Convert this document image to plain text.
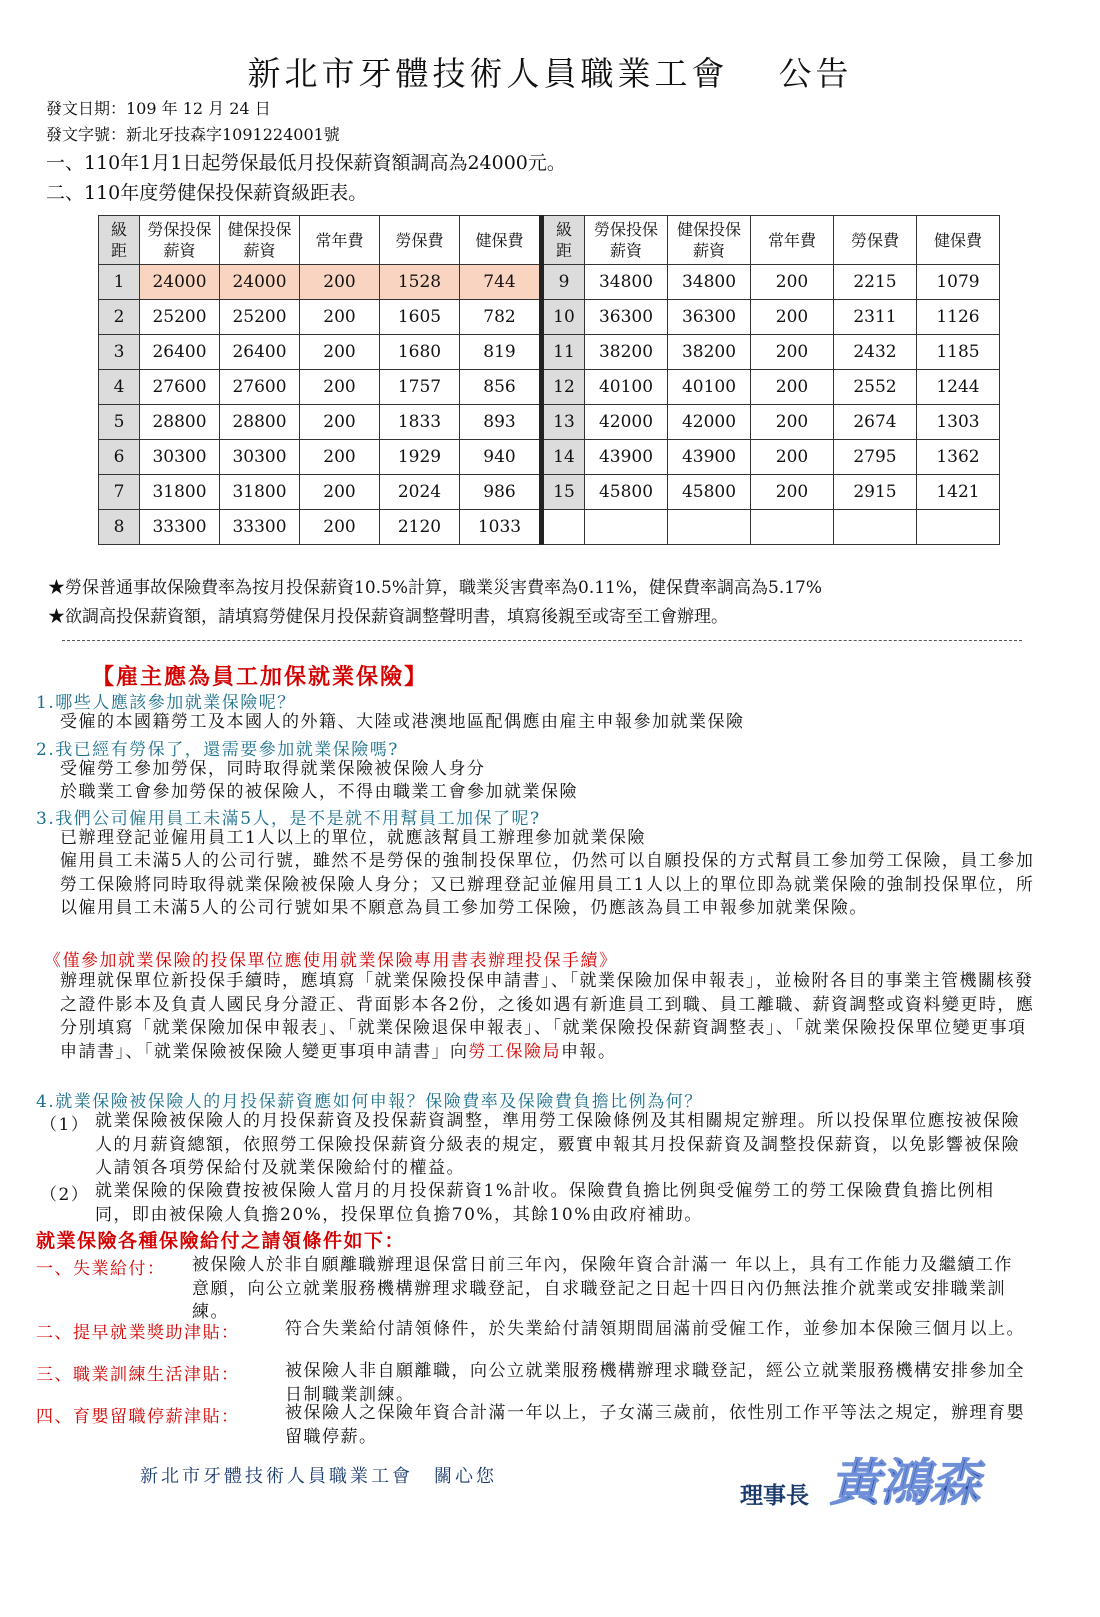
新北市牙體技術人員職業工會 公告
發文日期：109 年 12 月 24 日
發文字號：新北牙技森字1091224001號
一、110年1月1日起勞保最低月投保薪資額調高為24000元。
二、110年度勞健保投保薪資級距表。
級距	勞保投保薪資	健保投保薪資	常年費	勞保費	健保費	級距	勞保投保薪資	健保投保薪資	常年費	勞保費	健保費

1	24000	24000	200	1528	744	9	34800	34800	200	2215	1079
2	25200	25200	200	1605	782	10	36300	36300	200	2311	1126
3	26400	26400	200	1680	819	11	38200	38200	200	2432	1185
4	27600	27600	200	1757	856	12	40100	40100	200	2552	1244
5	28800	28800	200	1833	893	13	42000	42000	200	2674	1303
6	30300	30300	200	1929	940	14	43900	43900	200	2795	1362
7	31800	31800	200	2024	986	15	45800	45800	200	2915	1421
8	33300	33300	200	2120	1033						
★勞保普通事故保險費率為按月投保薪資10.5%計算，職業災害費率為0.11%，健保費率調高為5.17%
★欲調高投保薪資額，請填寫勞健保月投保薪資調整聲明書，填寫後親至或寄至工會辦理。
【雇主應為員工加保就業保險】
1.哪些人應該參加就業保險呢？
受僱的本國籍勞工及本國人的外籍、大陸或港澳地區配偶應由雇主申報參加就業保險
2.我已經有勞保了，還需要參加就業保險嗎?
受僱勞工參加勞保，同時取得就業保險被保險人身分
於職業工會參加勞保的被保險人，不得由職業工會參加就業保險
3.我們公司僱用員工未滿5人，是不是就不用幫員工加保了呢?
已辦理登記並僱用員工1人以上的單位，就應該幫員工辦理參加就業保險
僱用員工未滿5人的公司行號，雖然不是勞保的強制投保單位，仍然可以自願投保的方式幫員工參加勞工保險，員工參加勞工保險將同時取得就業保險被保險人身分；又已辦理登記並僱用員工1人以上的單位即為就業保險的強制投保單位，所以僱用員工未滿5人的公司行號如果不願意為員工參加勞工保險，仍應該為員工申報參加就業保險。
《僅參加就業保險的投保單位應使用就業保險專用書表辦理投保手續》
辦理就保單位新投保手續時，應填寫「就業保險投保申請書」、「就業保險加保申報表」，並檢附各目的事業主管機關核發之證件影本及負責人國民身分證正、背面影本各2份，之後如遇有新進員工到職、員工離職、薪資調整或資料變更時，應分別填寫「就業保險加保申報表」、「就業保險退保申報表」、「就業保險投保薪資調整表」、「就業保險投保單位變更事項申請書」、「就業保險被保險人變更事項申請書」向勞工保險局申報。
4.就業保險被保險人的月投保薪資應如何申報？保險費率及保險費負擔比例為何？
（1） 就業保險被保險人的月投保薪資及投保薪資調整，準用勞工保險條例及其相關規定辦理。所以投保單位應按被保險人的月薪資總額，依照勞工保險投保薪資分級表的規定，覈實申報其月投保薪資及調整投保薪資，以免影響被保險人請領各項勞保給付及就業保險給付的權益。
（2） 就業保險的保險費按被保險人當月的月投保薪資1%計收。保險費負擔比例與受僱勞工的勞工保險費負擔比例相同，即由被保險人負擔20%，投保單位負擔70%，其餘10%由政府補助。
就業保險各種保險給付之請領條件如下：
一、失業給付： 被保險人於非自願離職辦理退保當日前三年內，保險年資合計滿一 年以上，具有工作能力及繼續工作意願，向公立就業服務機構辦理求職登記，自求職登記之日起十四日內仍無法推介就業或安排職業訓練。
二、提早就業獎助津貼：	符合失業給付請領條件，於失業給付請領期間屆滿前受僱工作，並參加本保險三個月以上。
三、職業訓練生活津貼：	被保險人非自願離職，向公立就業服務機構辦理求職登記，經公立就業服務機構安排參加全日制職業訓練。
四、育嬰留職停薪津貼：	被保險人之保險年資合計滿一年以上，子女滿三歲前，依性別工作平等法之規定，辦理育嬰留職停薪。
新北市牙體技術人員職業工會　關心您
理事長 黃鴻森
